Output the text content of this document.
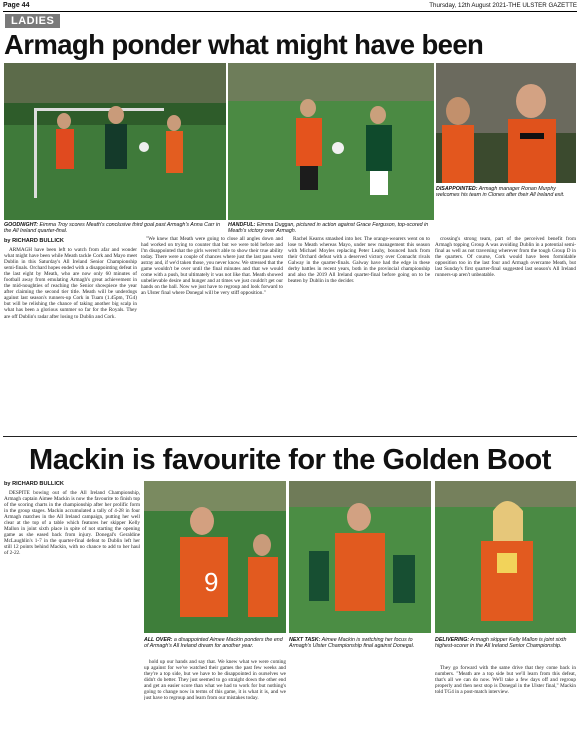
Page 44	Thursday, 12th August 2021-THE ULSTER GAZETTE
LADIES
Armagh ponder what might have been
GOODNIGHT: Eimma Troy scores Meath's conclusive third goal past Armagh's Anna Carr in the All Ireland quarter-final.
HANDFUL: Eimma Duggan, pictured in action against Grace Ferguson, top-scored in Meath's victory over Armagh.
DISAPPOINTED: Armagh manager Ronan Murphy welcomes his team in Clones after their All Ireland exit.
by RICHARD BULLICK

ARMAGH have been left to watch from afar and wonder what might have been while Meath tackle Cork and Mayo meet Dublin in this Saturday's All Ireland Senior Championship semi-finals. Orchard hopes ended with a disappointing defeat in the last eight by Meath, who are now only 60 minutes of football away from emulating Armagh's great achievement in the mid-noughties of reaching the Senior showpiece the year after claiming the second tier title. Meath will be underdogs against last season's runners-up Cork in Tuam (1.45pm, TG4) but will be relishing the chance of taking another big scalp in what has been a glorious summer so far for the Royals. They are off Dublin's radar after losing to Dublin and Cork.

"We knew that Meath were going to close all angles down and had worked on trying to counter that but we were told before and I'm disappointed that the girls weren't able to show their true ability today. There were a couple of chances where just the last pass went astray and, if we'd taken those, you never know. We stressed that the game wouldn't be over until the final minutes and that we would come with a push, but ultimately it was not like that. Meath showed unbelievable desire and hunger and at times we just couldn't get our hands on the ball. Now we just have to regroup and look forward to an Ulster final where Donegal will be very stiff opposition."

Rachel Kearns smashed into her. The orange-wearers went on to lose to Meath whereas Mayo, under new management this season with Michael Moyles replacing Peter Leahy, bounced back from their Orchard defeat with a deserved victory over Connacht rivals Galway in the quarter-finals. Galway have had the edge in these derby battles in recent years, both in the provincial championship and also the 2019 All Ireland quarter-final before going on to be beaten by Dublin in the decider.

crossing's strong team, part of the perceived benefit from Armagh topping Group A was avoiding Dublin in a potential semi-final as well as not traversing wherever from the tough Group D in the quarters. Of course, Cork would have been formidable opposition too in the last four and Armagh overcame Meath, but last Sunday's first quarter-final suggested last season's All Ireland runners-up aren't unbeatable.

Mackin is favourite for the Golden Boot
by RICHARD BULLICK

DESPITE bowing out of the All Ireland Championship, Armagh captain Aimee Mackin is now the favourite to finish top of the scoring charts in the championship after her prolific form in the group stages. Mackin accumulated a tally of 4-28 in four Armagh matches in the All Ireland campaign, putting her well clear at the top of a table which features her skipper Kelly Mallon in joint sixth place in spite of not starting the opening game as she eased back from injury. Donegal's Geraldine McLaughlin's 1-7 in the quarter-final defeat to Dublin left her still 12 points behind Mackin, with no chance to add to her haul of 2-22.

9
ALL OVER: a disappointed Aimee Mackin ponders the end of Armagh's All Ireland dream for another year.

hold up our hands and say that. We knew what we were coming up against for we've watched their games the past few weeks and they're a top side, but we have to be disappointed in ourselves we didn't do better. They just seemed to go straight down the other end and get an easier score than what we had to work for but nothing's going to change now in terms of this game, it is what it is, and we just have to regroup and learn from our mistakes today.

NEXT TASK: Aimee Mackin is switching her focus to Armagh's Ulster Championship final against Donegal.
DELIVERING: Armagh skipper Kelly Mallon is joint sixth highest-scorer in the All Ireland Senior Championship.

They go forward with the same drive that they come back in numbers. "Meath are a top side but we'll learn from this defeat, that's all we can do now. We'll take a few days off and regroup properly and then next stop is Donegal in the Ulster final," Mackin told TG4 in a post-match interview.
